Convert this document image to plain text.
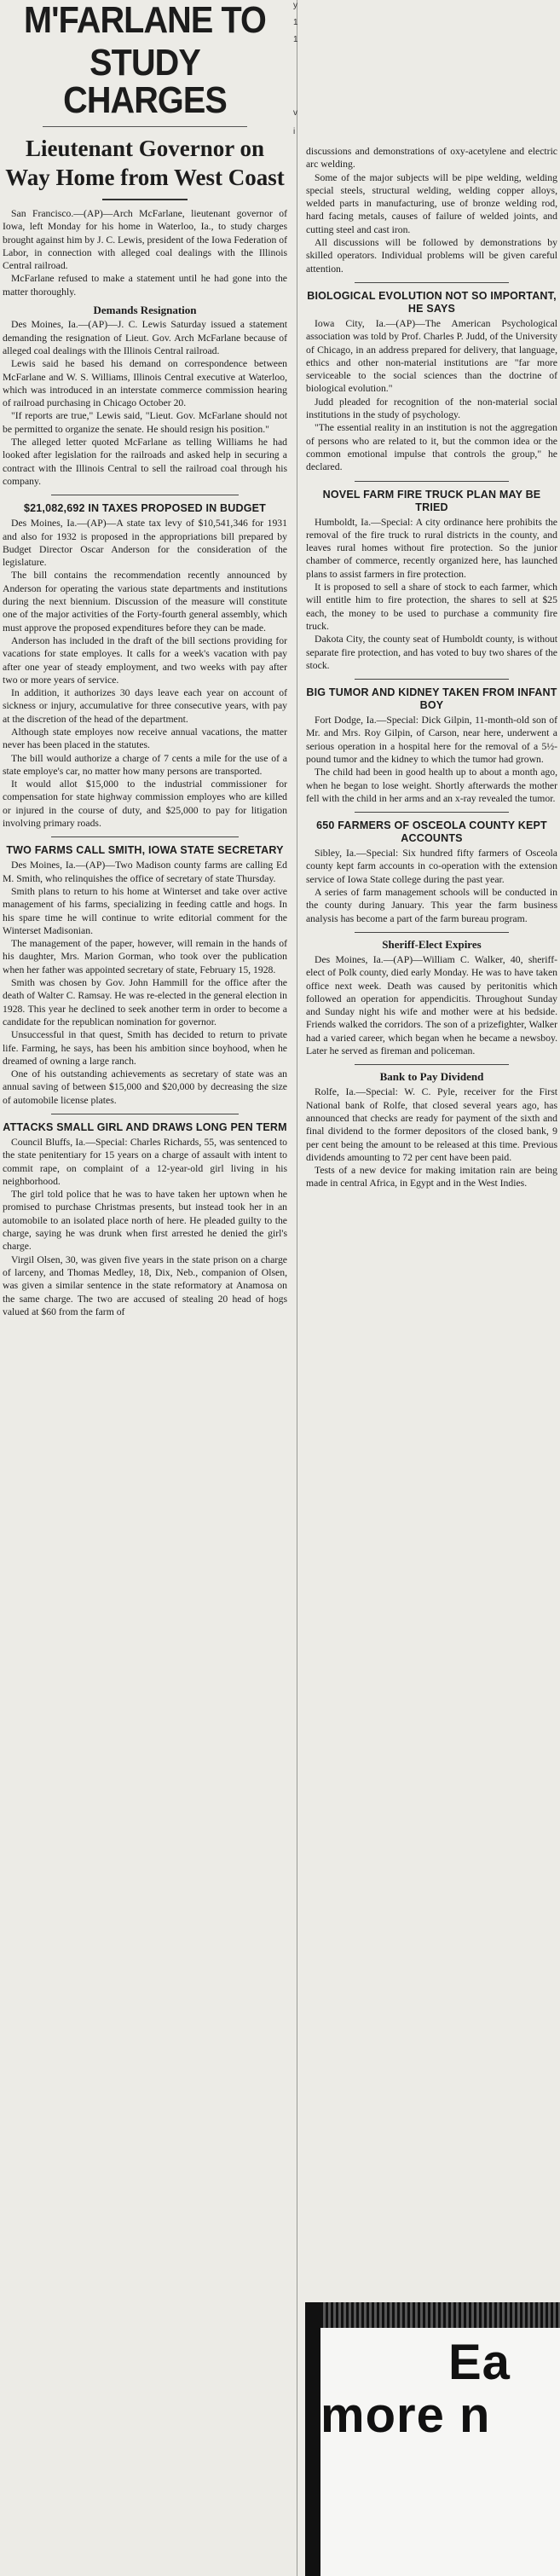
M'FARLANE TO
STUDY CHARGES
Lieutenant Governor on Way Home from West Coast

San Francisco.—(AP)—Arch McFarlane, lieutenant governor of Iowa, left Monday for his home in Waterloo, Ia., to study charges brought against him by J. C. Lewis, president of the Iowa Federation of Labor, in connection with alleged coal dealings with the Illinois Central railroad.

McFarlane refused to make a statement until he had gone into the matter thoroughly.

Demands Resignation

Des Moines, Ia.—(AP)—J. C. Lewis Saturday issued a statement demanding the resignation of Lieut. Gov. Arch McFarlane because of alleged coal dealings with the Illinois Central railroad.

Lewis said he based his demand on correspondence between McFarlane and W. S. Williams, Illinois Central executive at Waterloo, which was introduced in an interstate commerce commission hearing of railroad purchasing in Chicago October 20.

"If reports are true," Lewis said, "Lieut. Gov. McFarlane should not be permitted to organize the senate. He should resign his position."

The alleged letter quoted McFarlane as telling Williams he had looked after legislation for the railroads and asked help in securing a contract with the Illinois Central to sell the railroad coal through his company.

$21,082,692 IN TAXES PROPOSED IN BUDGET

Des Moines, Ia.—(AP)—A state tax levy of $10,541,346 for 1931 and also for 1932 is proposed in the appropriations bill prepared by Budget Director Oscar Anderson for the consideration of the legislature.

The bill contains the recommendation recently announced by Anderson for operating the various state departments and institutions during the next biennium. Discussion of the measure will constitute one of the major activities of the Forty-fourth general assembly, which must approve the proposed expenditures before they can be made.

Anderson has included in the draft of the bill sections providing for vacations for state employes. It calls for a week's vacation with pay after one year of steady employment, and two weeks with pay after two or more years of service.

In addition, it authorizes 30 days leave each year on account of sickness or injury, accumulative for three consecutive years, with pay at the discretion of the head of the department.

Although state employes now receive annual vacations, the matter never has been placed in the statutes.

The bill would authorize a charge of 7 cents a mile for the use of a state employe's car, no matter how many persons are transported.

It would allot $15,000 to the industrial commissioner for compensation for state highway commission employes who are killed or injured in the course of duty, and $25,000 to pay for litigation involving primary roads.

TWO FARMS CALL SMITH, IOWA STATE SECRETARY

Des Moines, Ia.—(AP)—Two Madison county farms are calling Ed M. Smith, who relinquishes the office of secretary of state Thursday.

Smith plans to return to his home at Winterset and take over active management of his farms, specializing in feeding cattle and hogs. In his spare time he will continue to write editorial comment for the Winterset Madisonian.

The management of the paper, however, will remain in the hands of his daughter, Mrs. Marion Gorman, who took over the publication when her father was appointed secretary of state, February 15, 1928.

Smith was chosen by Gov. John Hammill for the office after the death of Walter C. Ramsay. He was re-elected in the general election in 1928. This year he declined to seek another term in order to become a candidate for the republican nomination for governor.

Unsuccessful in that quest, Smith has decided to return to private life. Farming, he says, has been his ambition since boyhood, when he dreamed of owning a large ranch.

One of his outstanding achievements as secretary of state was an annual saving of between $15,000 and $20,000 by decreasing the size of automobile license plates.

ATTACKS SMALL GIRL AND DRAWS LONG PEN TERM

Council Bluffs, Ia.—Special: Charles Richards, 55, was sentenced to the state penitentiary for 15 years on a charge of assault with intent to commit rape, on complaint of a 12-year-old girl living in his neighborhood.

The girl told police that he was to have taken her uptown when he promised to purchase Christmas presents, but instead took her in an automobile to an isolated place north of here. He pleaded guilty to the charge, saying he was drunk when first arrested he denied the girl's charge.

Virgil Olsen, 30, was given five years in the state prison on a charge of larceny, and Thomas Medley, 18, Dix, Neb., companion of Olsen, was given a similar sentence in the state reformatory at Anamosa on the same charge. The two are accused of stealing 20 head of hogs valued at $60 from the farm of

y
1
1
v
i

discussions and demonstrations of oxy-acetylene and electric arc welding.

Some of the major subjects will be pipe welding, welding special steels, structural welding, welding copper alloys, welded parts in manufacturing, use of bronze welding rod, hard facing metals, causes of failure of welded joints, and cutting steel and cast iron.

All discussions will be followed by demonstrations by skilled operators. Individual problems will be given careful attention.

BIOLOGICAL EVOLUTION NOT SO IMPORTANT, HE SAYS

Iowa City, Ia.—(AP)—The American Psychological association was told by Prof. Charles P. Judd, of the University of Chicago, in an address prepared for delivery, that language, ethics and other non-material institutions are "far more serviceable to the social sciences than the doctrine of biological evolution."

Judd pleaded for recognition of the non-material social institutions in the study of psychology.

"The essential reality in an institution is not the aggregation of persons who are related to it, but the common idea or the common emotional impulse that controls the group," he declared.

NOVEL FARM FIRE TRUCK PLAN MAY BE TRIED

Humboldt, Ia.—Special: A city ordinance here prohibits the removal of the fire truck to rural districts in the county, and leaves rural homes without fire protection. So the junior chamber of commerce, recently organized here, has launched plans to assist farmers in fire protection.

It is proposed to sell a share of stock to each farmer, which will entitle him to fire protection, the shares to sell at $25 each, the money to be used to purchase a community fire truck.

Dakota City, the county seat of Humboldt county, is without separate fire protection, and has voted to buy two shares of the stock.

BIG TUMOR AND KIDNEY TAKEN FROM INFANT BOY

Fort Dodge, Ia.—Special: Dick Gilpin, 11-month-old son of Mr. and Mrs. Roy Gilpin, of Carson, near here, underwent a serious operation in a hospital here for the removal of a 5½-pound tumor and the kidney to which the tumor had grown.

The child had been in good health up to about a month ago, when he began to lose weight. Shortly afterwards the mother fell with the child in her arms and an x-ray revealed the tumor.

650 FARMERS OF OSCEOLA COUNTY KEPT ACCOUNTS

Sibley, Ia.—Special: Six hundred fifty farmers of Osceola county kept farm accounts in co-operation with the extension service of Iowa State college during the past year.

A series of farm management schools will be conducted in the county during January. This year the farm business analysis has become a part of the farm bureau program.

Sheriff-Elect Expires

Des Moines, Ia.—(AP)—William C. Walker, 40, sheriff-elect of Polk county, died early Monday. He was to have taken office next week. Death was caused by peritonitis which followed an operation for appendicitis. Throughout Sunday and Sunday night his wife and mother were at his bedside. Friends walked the corridors. The son of a prizefighter, Walker had a varied career, which began when he became a newsboy. Later he served as fireman and policeman.

Bank to Pay Dividend

Rolfe, Ia.—Special: W. C. Pyle, receiver for the First National bank of Rolfe, that closed several years ago, has announced that checks are ready for payment of the sixth and final dividend to the former depositors of the closed bank, 9 per cent being the amount to be released at this time. Previous dividends amounting to 72 per cent have been paid.

Tests of a new device for making imitation rain are being made in central Africa, in Egypt and in the West Indies.

Ea
more n
